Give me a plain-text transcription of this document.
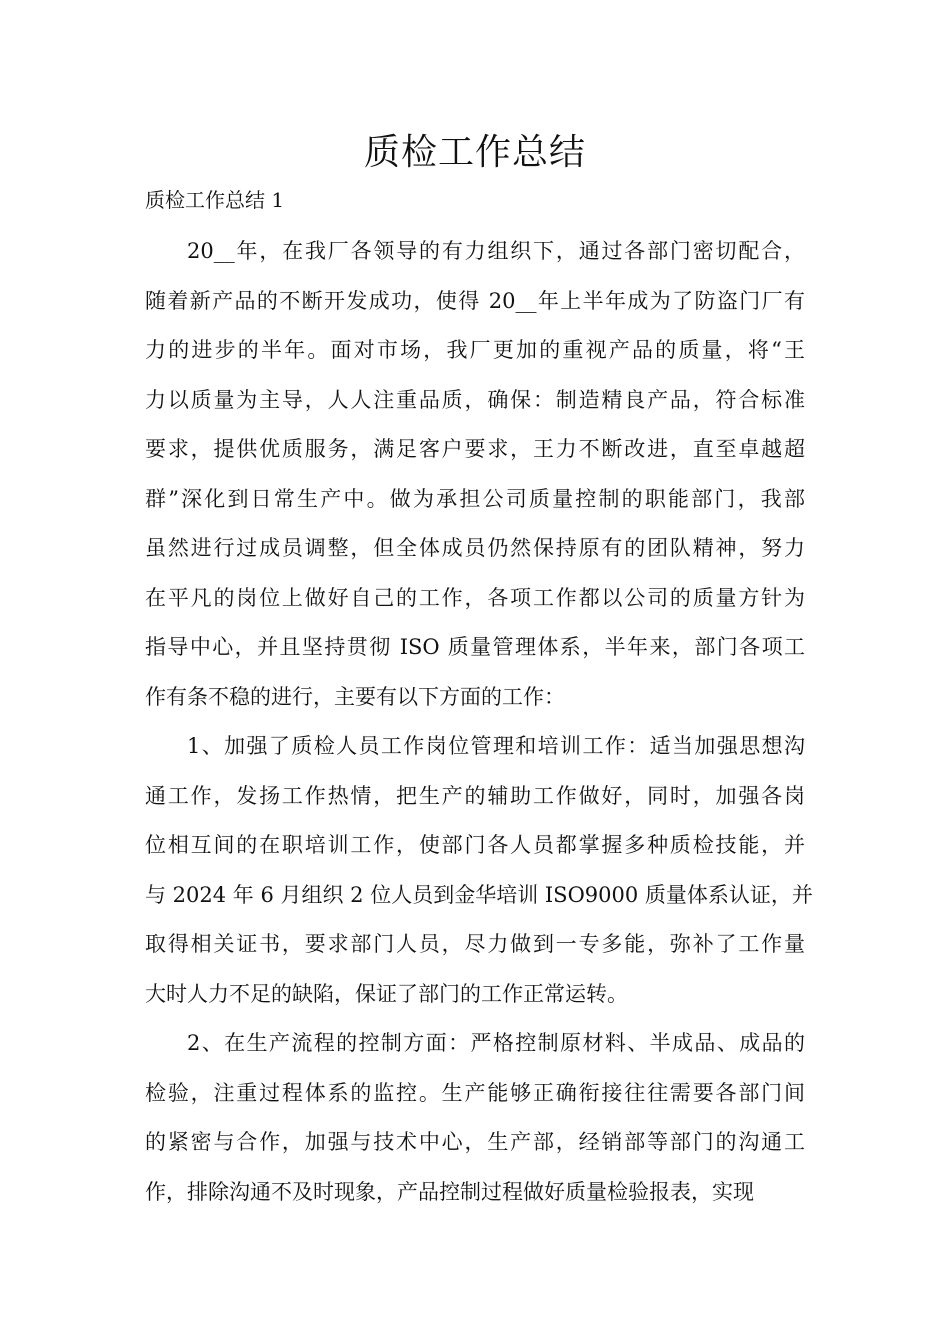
质检工作总结
质检工作总结 1
20__年，在我厂各领导的有力组织下，通过各部门密切配合，
随着新产品的不断开发成功，使得 20__年上半年成为了防盗门厂有
力的进步的半年。面对市场，我厂更加的重视产品的质量，将“王
力以质量为主导，人人注重品质，确保：制造精良产品，符合标准
要求，提供优质服务，满足客户要求，王力不断改进，直至卓越超
群”深化到日常生产中。做为承担公司质量控制的职能部门，我部
虽然进行过成员调整，但全体成员仍然保持原有的团队精神，努力
在平凡的岗位上做好自己的工作，各项工作都以公司的质量方针为
指导中心，并且坚持贯彻 ISO 质量管理体系，半年来，部门各项工
作有条不稳的进行，主要有以下方面的工作：
1、加强了质检人员工作岗位管理和培训工作：适当加强思想沟
通工作，发扬工作热情，把生产的辅助工作做好，同时，加强各岗
位相互间的在职培训工作，使部门各人员都掌握多种质检技能，并
与 2024 年 6 月组织 2 位人员到金华培训 ISO9000 质量体系认证，并
取得相关证书，要求部门人员，尽力做到一专多能，弥补了工作量
大时人力不足的缺陷，保证了部门的工作正常运转。
2、在生产流程的控制方面：严格控制原材料、半成品、成品的
检验，注重过程体系的监控。生产能够正确衔接往往需要各部门间
的紧密与合作，加强与技术中心，生产部，经销部等部门的沟通工
作，排除沟通不及时现象，产品控制过程做好质量检验报表，实现
